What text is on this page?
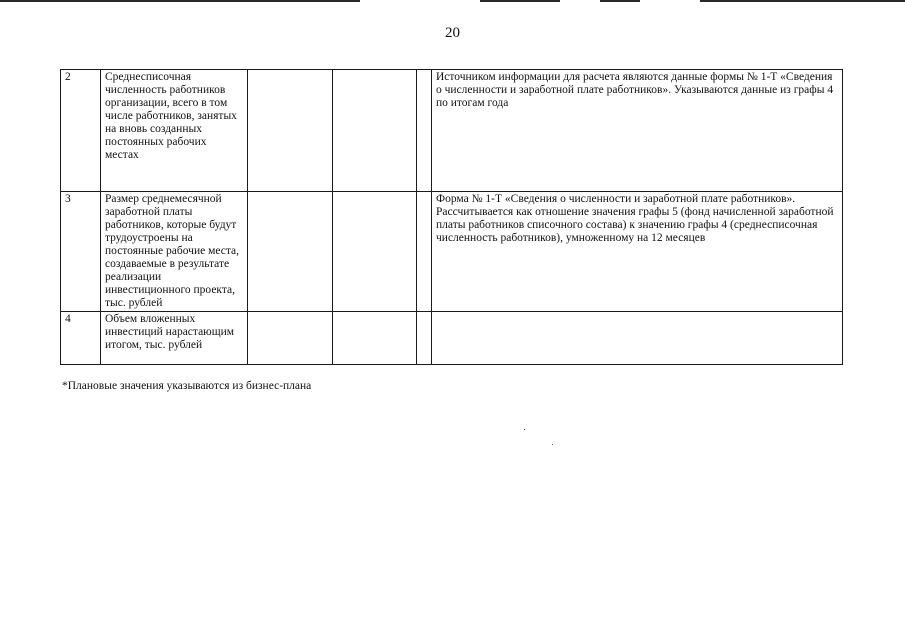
20
2	Среднесписочная численность работников организации, всего в том числе работников, занятых на вновь созданных постоянных рабочих местах				Источником информации для расчета являются данные формы № 1-Т «Сведения о численности и заработной плате работников». Указываются данные из графы 4 по итогам года
3	Размер среднемесячной заработной платы работников, которые будут трудоустроены на постоянные рабочие места, создаваемые в результате реализации инвестиционного проекта, тыс. рублей				Форма № 1-Т «Сведения о численности и заработной плате работников». Рассчитывается как отношение значения графы 5 (фонд начисленной заработной платы работников списочного состава) к значению графы 4 (среднесписочная численность работников), умноженному на 12 месяцев
4	Объем вложенных инвестиций нарастающим итогом, тыс. рублей				
*Плановые значения указываются из бизнес-плана
